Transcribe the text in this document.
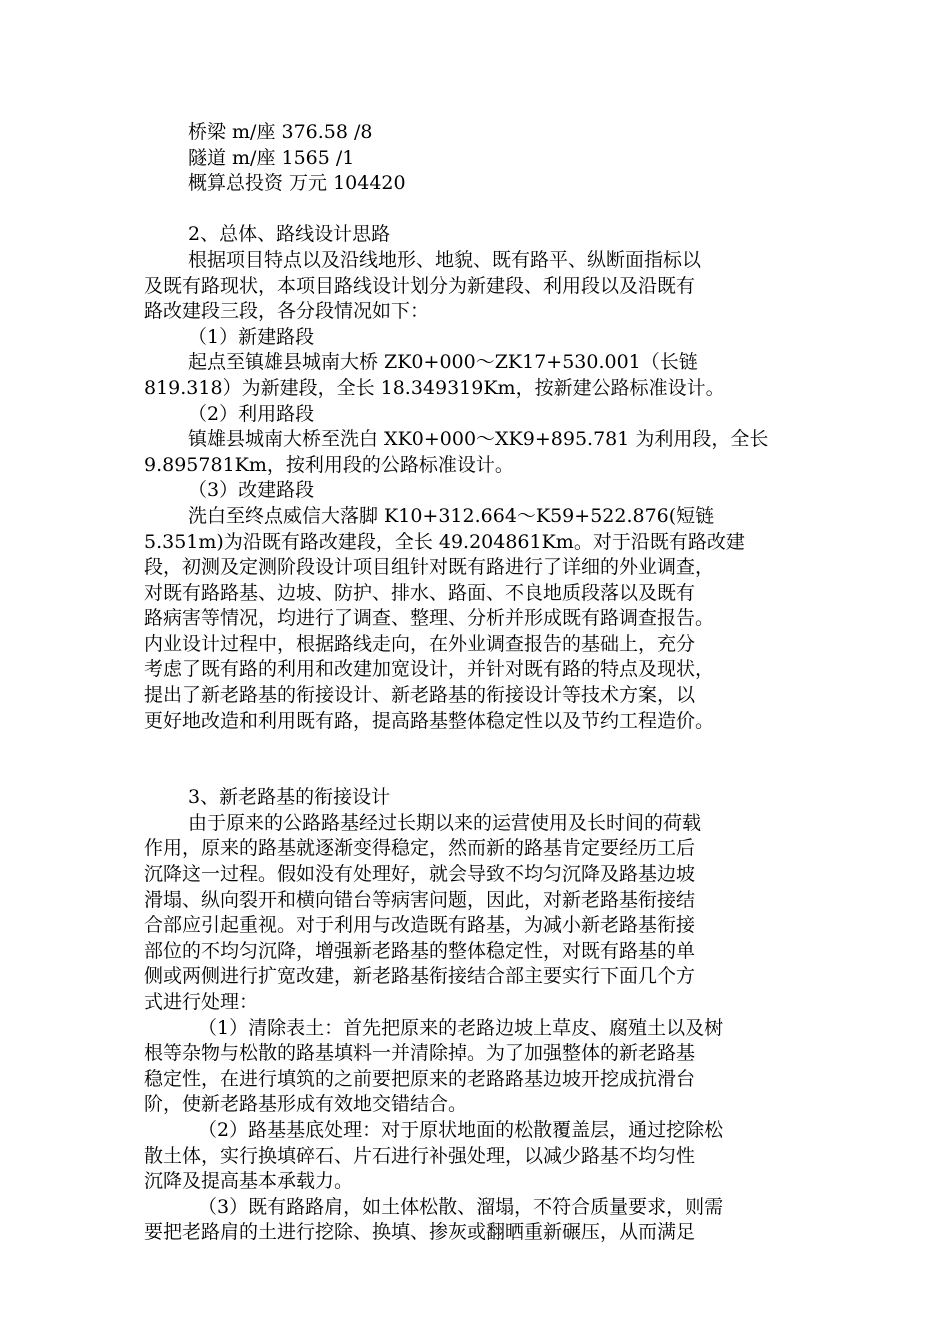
桥梁 m/座 376.58 /8
隧道 m/座 1565 /1
概算总投资 万元 104420
2、总体、路线设计思路
根据项目特点以及沿线地形、地貌、既有路平、纵断面指标以
及既有路现状，本项目路线设计划分为新建段、利用段以及沿既有
路改建段三段，各分段情况如下：
（1）新建路段
起点至镇雄县城南大桥 ZK0+000～ZK17+530.001（长链
819.318）为新建段，全长 18.349319Km，按新建公路标准设计。
（2）利用路段
镇雄县城南大桥至洗白 XK0+000～XK9+895.781 为利用段，全长
9.895781Km，按利用段的公路标准设计。
（3）改建路段
洗白至终点威信大落脚 K10+312.664～K59+522.876(短链
5.351m)为沿既有路改建段，全长 49.204861Km。对于沿既有路改建
段，初测及定测阶段设计项目组针对既有路进行了详细的外业调查，
对既有路路基、边坡、防护、排水、路面、不良地质段落以及既有
路病害等情况，均进行了调查、整理、分析并形成既有路调查报告。
内业设计过程中，根据路线走向，在外业调查报告的基础上，充分
考虑了既有路的利用和改建加宽设计，并针对既有路的特点及现状，
提出了新老路基的衔接设计、新老路基的衔接设计等技术方案，以
更好地改造和利用既有路，提高路基整体稳定性以及节约工程造价。
3、新老路基的衔接设计
由于原来的公路路基经过长期以来的运营使用及长时间的荷载
作用，原来的路基就逐渐变得稳定，然而新的路基肯定要经历工后
沉降这一过程。假如没有处理好，就会导致不均匀沉降及路基边坡
滑塌、纵向裂开和横向错台等病害问题，因此，对新老路基衔接结
合部应引起重视。对于利用与改造既有路基，为减小新老路基衔接
部位的不均匀沉降，增强新老路基的整体稳定性，对既有路基的单
侧或两侧进行扩宽改建，新老路基衔接结合部主要实行下面几个方
式进行处理：
（1）清除表土：首先把原来的老路边坡上草皮、腐殖土以及树
根等杂物与松散的路基填料一并清除掉。为了加强整体的新老路基
稳定性，在进行填筑的之前要把原来的老路路基边坡开挖成抗滑台
阶，使新老路基形成有效地交错结合。
（2）路基基底处理：对于原状地面的松散覆盖层，通过挖除松
散土体，实行换填碎石、片石进行补强处理，以减少路基不均匀性
沉降及提高基本承载力。
（3）既有路路肩，如土体松散、溜塌，不符合质量要求，则需
要把老路肩的土进行挖除、换填、掺灰或翻晒重新碾压，从而满足
